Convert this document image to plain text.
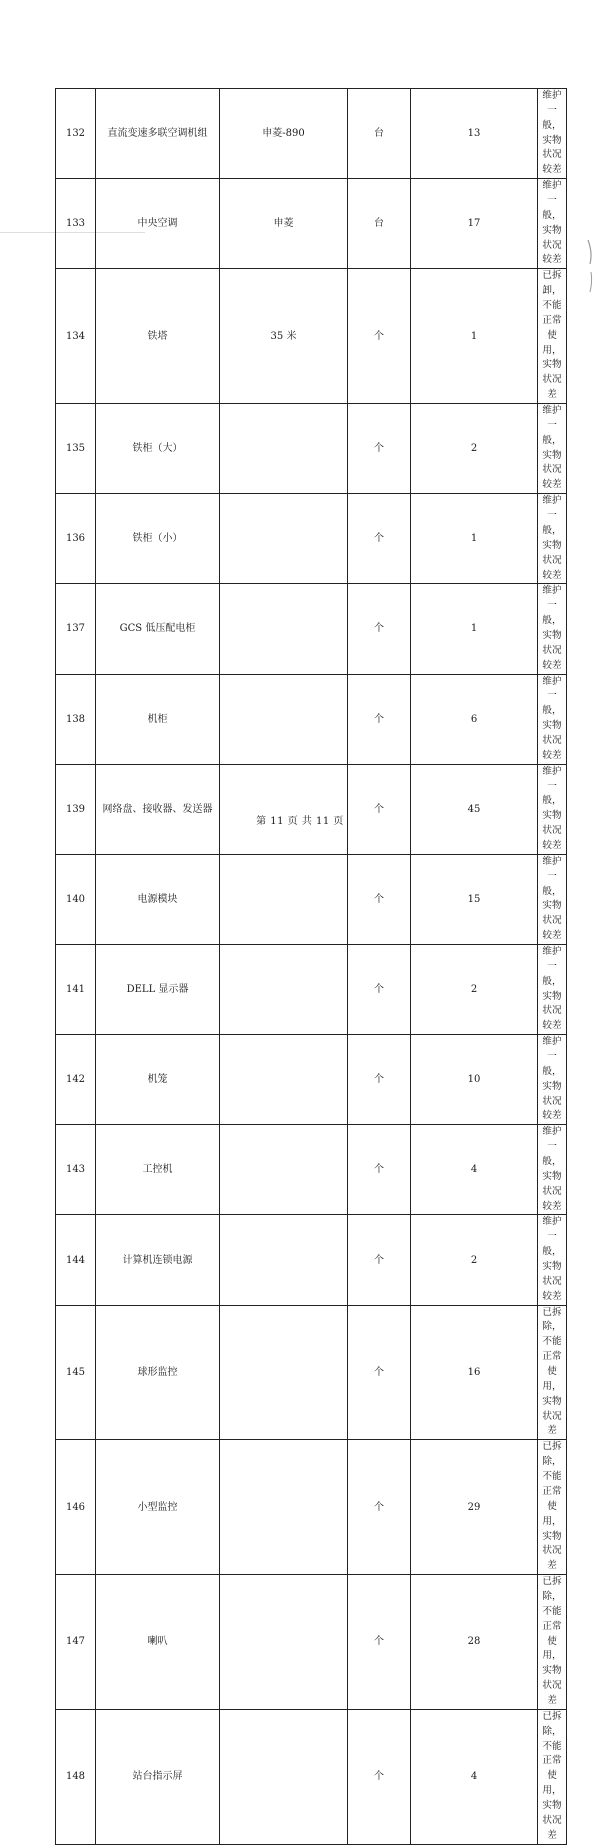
132	直流变速多联空调机组	申菱-890	台	13	维护一般，实物状况较差
133	中央空调	申菱	台	17	维护一般，实物状况较差
134	铁塔	35 米	个	1	已拆卸，不能正常使用，实物状况差
135	铁柜（大）		个	2	维护一般，实物状况较差
136	铁柜（小）		个	1	维护一般，实物状况较差
137	GCS 低压配电柜		个	1	维护一般，实物状况较差
138	机柜		个	6	维护一般，实物状况较差
139	网络盘、接收器、发送器		个	45	维护一般，实物状况较差
140	电源模块		个	15	维护一般，实物状况较差
141	DELL 显示器		个	2	维护一般，实物状况较差
142	机笼		个	10	维护一般，实物状况较差
143	工控机		个	4	维护一般，实物状况较差
144	计算机连锁电源		个	2	维护一般，实物状况较差
145	球形监控		个	16	已拆除，不能正常使用，实物状况差
146	小型监控		个	29	已拆除，不能正常使用，实物状况差
147	喇叭		个	28	已拆除，不能正常使用，实物状况差
148	站台指示屏		个	4	已拆除，不能正常使用，实物状况差
第 11 页 共 11 页
